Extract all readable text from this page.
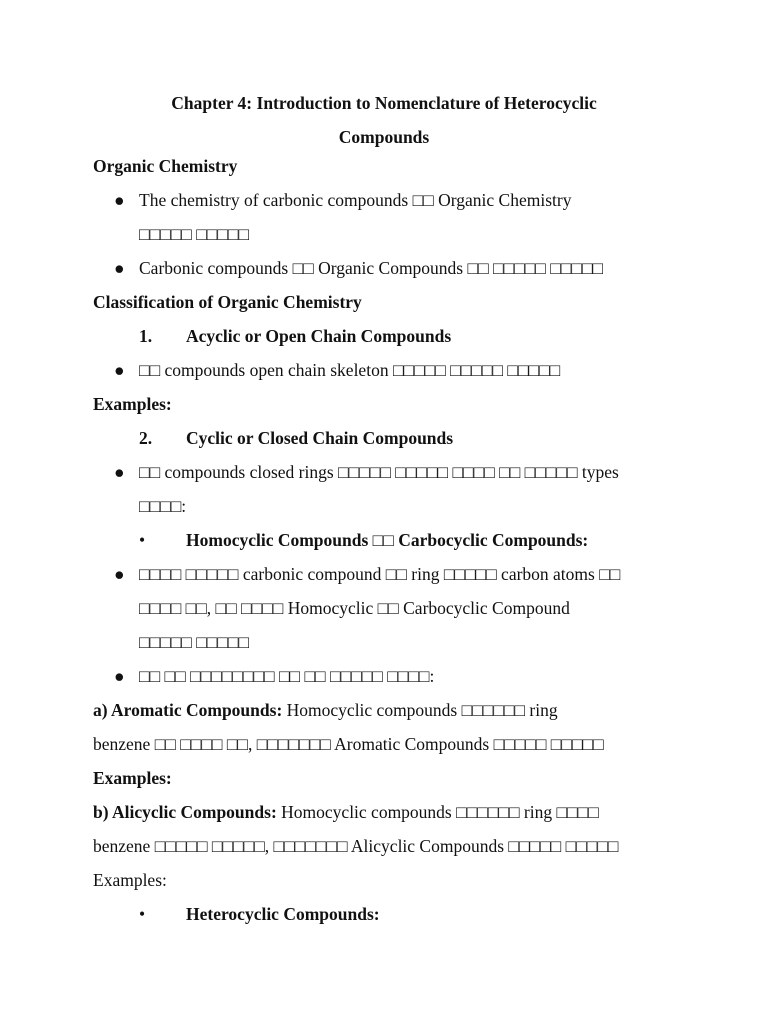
Chapter 4: Introduction to Nomenclature of Heterocyclic
Compounds
Organic Chemistry
● The chemistry of carbonic compounds □□ Organic Chemistry
□□□□□ □□□□□
● Carbonic compounds □□ Organic Compounds □□ □□□□□ □□□□□
Classification of Organic Chemistry
1. Acyclic or Open Chain Compounds
● □□ compounds open chain skeleton □□□□□ □□□□□ □□□□□
Examples:
2. Cyclic or Closed Chain Compounds
● □□ compounds closed rings □□□□□ □□□□□ □□□□ □□ □□□□□ types
□□□□:
• Homocyclic Compounds □□ Carbocyclic Compounds:
● □□□□ □□□□□ carbonic compound □□ ring □□□□□ carbon atoms □□
□□□□ □□, □□ □□□□ Homocyclic □□ Carbocyclic Compound
□□□□□ □□□□□
● □□ □□ □□□□□□□□ □□ □□ □□□□□ □□□□:
a) Aromatic Compounds: Homocyclic compounds □□□□□□ ring
benzene □□ □□□□ □□, □□□□□□□ Aromatic Compounds □□□□□ □□□□□
Examples:
b) Alicyclic Compounds: Homocyclic compounds □□□□□□ ring □□□□
benzene □□□□□ □□□□□, □□□□□□□ Alicyclic Compounds □□□□□ □□□□□
Examples:
• Heterocyclic Compounds:
